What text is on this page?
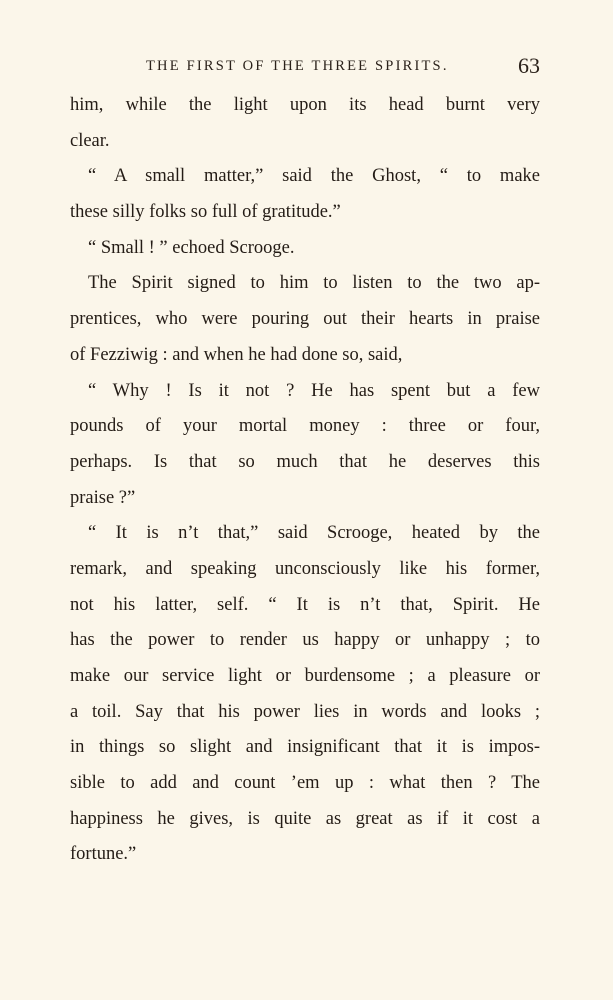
THE FIRST OF THE THREE SPIRITS.	63
him, while the light upon its head burnt very
clear.
“ A small matter,” said the Ghost, “ to make
these silly folks so full of gratitude.”
“ Small ! ” echoed Scrooge.
The Spirit signed to him to listen to the two ap-
prentices, who were pouring out their hearts in praise
of Fezziwig : and when he had done so, said,
“ Why ! Is it not ? He has spent but a few
pounds of your mortal money : three or four,
perhaps. Is that so much that he deserves this
praise ?”
“ It is n’t that,” said Scrooge, heated by the
remark, and speaking unconsciously like his former,
not his latter, self. “ It is n’t that, Spirit. He
has the power to render us happy or unhappy ; to
make our service light or burdensome ; a pleasure or
a toil. Say that his power lies in words and looks ;
in things so slight and insignificant that it is impos-
sible to add and count ’em up : what then ? The
happiness he gives, is quite as great as if it cost a
fortune.”
